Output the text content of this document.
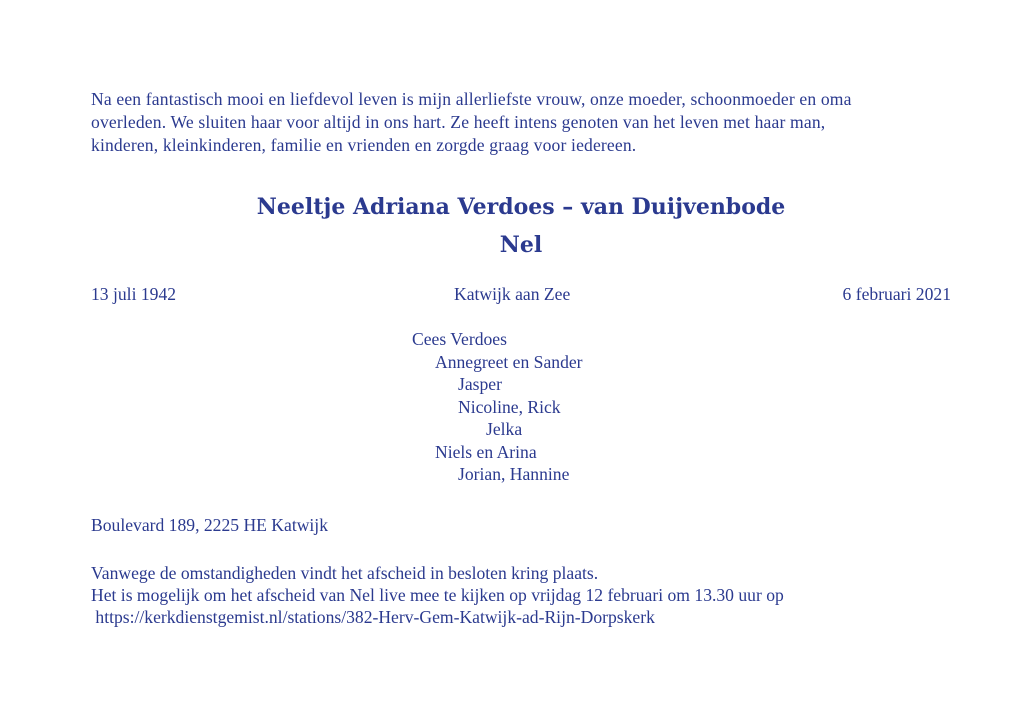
Na een fantastisch mooi en liefdevol leven is mijn allerliefste vrouw, onze moeder, schoonmoeder en oma

overleden. We sluiten haar voor altijd in ons hart. Ze heeft intens genoten van het leven met haar man,

kinderen, kleinkinderen, familie en vrienden en zorgde graag voor iedereen.

Neeltje Adriana Verdoes – van Duijvenbode
Nel
13 juli 1942	Katwijk aan Zee	6 februari 2021
Cees Verdoes
Annegreet en Sander
Jasper
Nicoline, Rick
Jelka
Niels en Arina
Jorian, Hannine
Boulevard 189, 2225 HE Katwijk
Vanwege de omstandigheden vindt het afscheid in besloten kring plaats.
Het is mogelijk om het afscheid van Nel live mee te kijken op vrijdag 12 februari om 13.30 uur op
https://kerkdienstgemist.nl/stations/382-Herv-Gem-Katwijk-ad-Rijn-Dorpskerk
